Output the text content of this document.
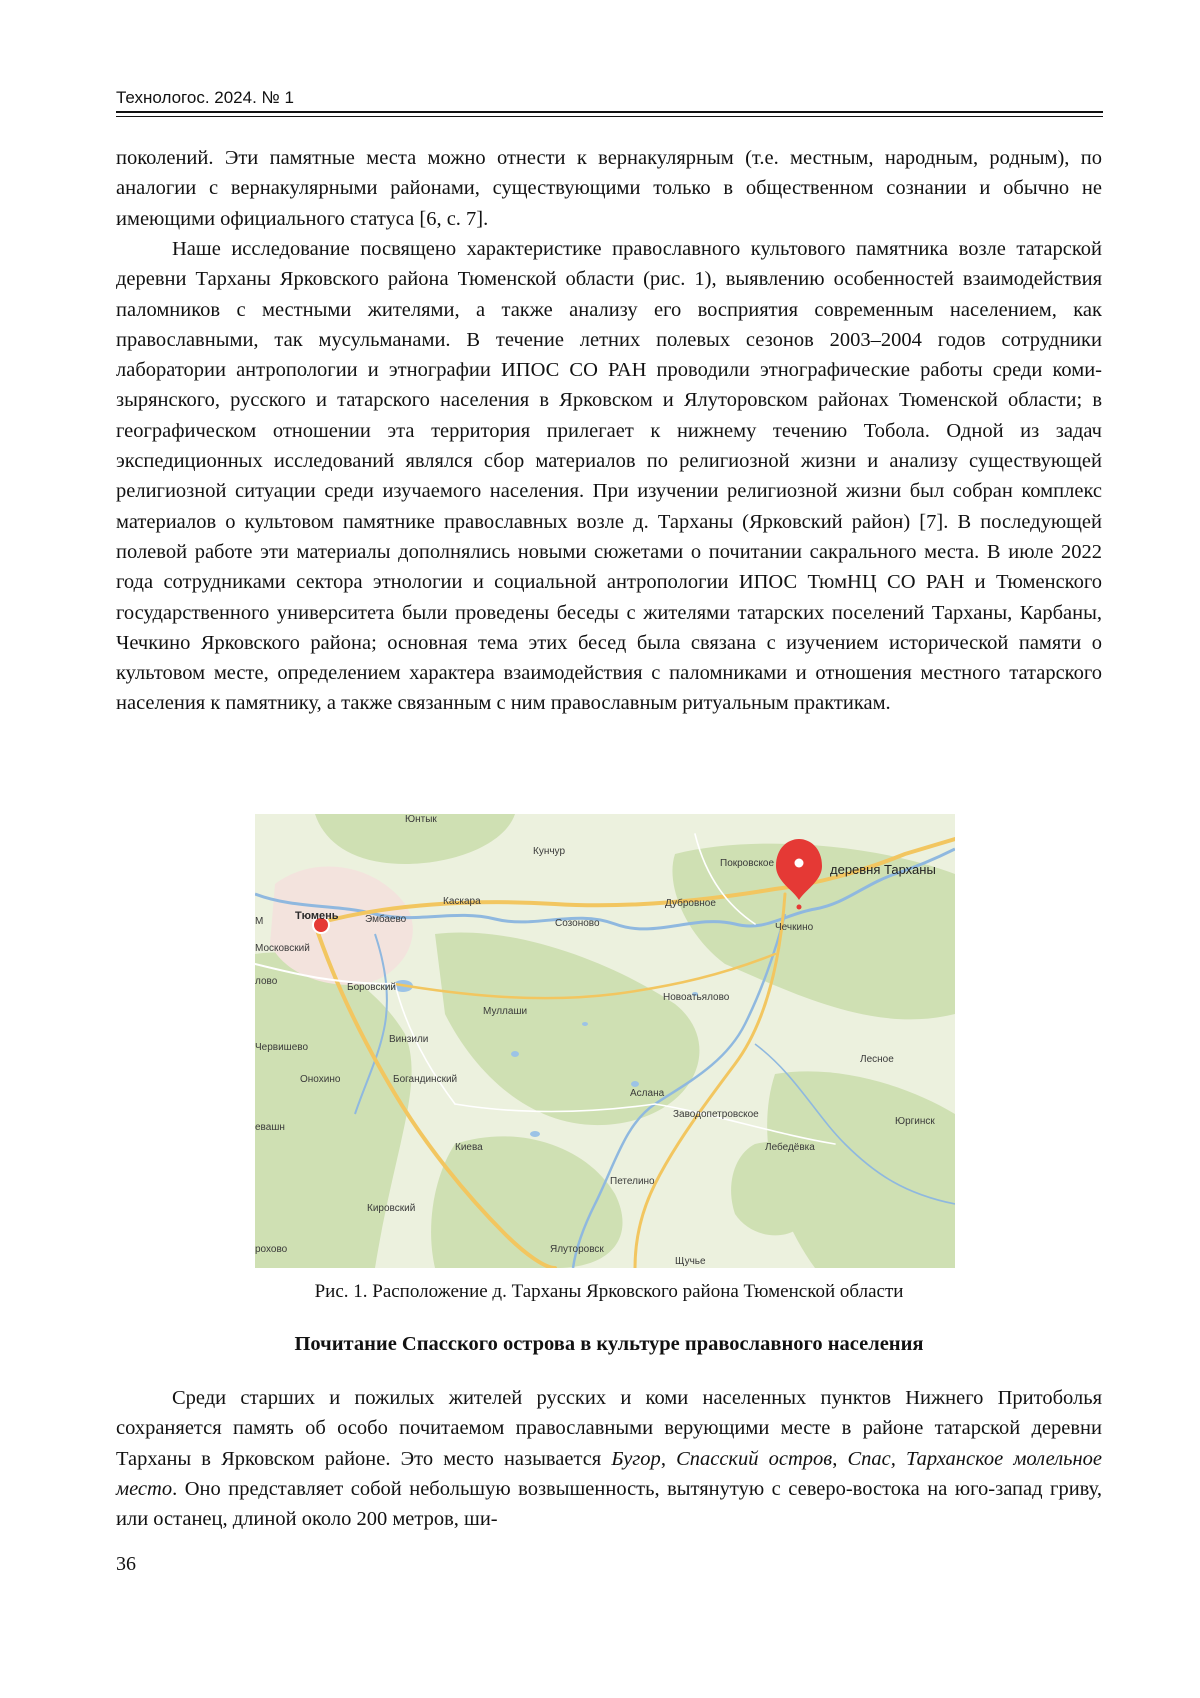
Технологос. 2024. № 1

поколений. Эти памятные места можно отнести к вернакулярным (т.е. местным, народным, родным), по аналогии с вернакулярными районами, существующими только в общественном сознании и обычно не имеющими официального статуса [6, с. 7].

Наше исследование посвящено характеристике православного культового памятника возле татарской деревни Тарханы Ярковского района Тюменской области (рис. 1), выявлению особенностей взаимодействия паломников с местными жителями, а также анализу его восприятия современным населением, как православными, так мусульманами. В течение летних полевых сезонов 2003–2004 годов сотрудники лаборатории антропологии и этнографии ИПОС СО РАН проводили этнографические работы среди коми-зырянского, русского и татарского населения в Ярковском и Ялуторовском районах Тюменской области; в географическом отношении эта территория прилегает к нижнему течению Тобола. Одной из задач экспедиционных исследований являлся сбор материалов по религиозной жизни и анализу существующей религиозной ситуации среди изучаемого населения. При изучении религиозной жизни был собран комплекс материалов о культовом памятнике православных возле д. Тарханы (Ярковский район) [7]. В последующей полевой работе эти материалы дополнялись новыми сюжетами о почитании сакрального места. В июле 2022 года сотрудниками сектора этнологии и социальной антропологии ИПОС ТюмНЦ СО РАН и Тюменского государственного университета были проведены беседы с жителями татарских поселений Тарханы, Карбаны, Чечкино Ярковского района; основная тема этих бесед была связана с изучением исторической памяти о культовом месте, определением характера взаимодействия с паломниками и отношения местного татарского населения к памятнику, а также связанным с ним православным ритуальным практикам.

деревня Тарханы
Тюмень
Кунчур
Покровское
Каскара	Дубровное
Эмбаево	Созоново	Чечкино
Московский
Боровский
Новоатьялово
Муллаши
Винзили
Червишево
Онохино	Богандинский
Лесное
Аслана
Заводопетровское
Юргинск
Лебедёвка
Киева
Петелино
Кировский
Ялуторовск
Щучье
Юнтык
лово
евашн
рохово
М
Рис. 1. Расположение д. Тарханы Ярковского района Тюменской области
Почитание Спасского острова в культуре православного населения

Среди старших и пожилых жителей русских и коми населенных пунктов Нижнего Притоболья сохраняется память об особо почитаемом православными верующими месте в районе татарской деревни Тарханы в Ярковском районе. Это место называется Бугор, Спасский остров, Спас, Тарханское молельное место. Оно представляет собой небольшую возвышенность, вытянутую с северо-востока на юго-запад гриву, или останец, длиной около 200 метров, ши-

36
